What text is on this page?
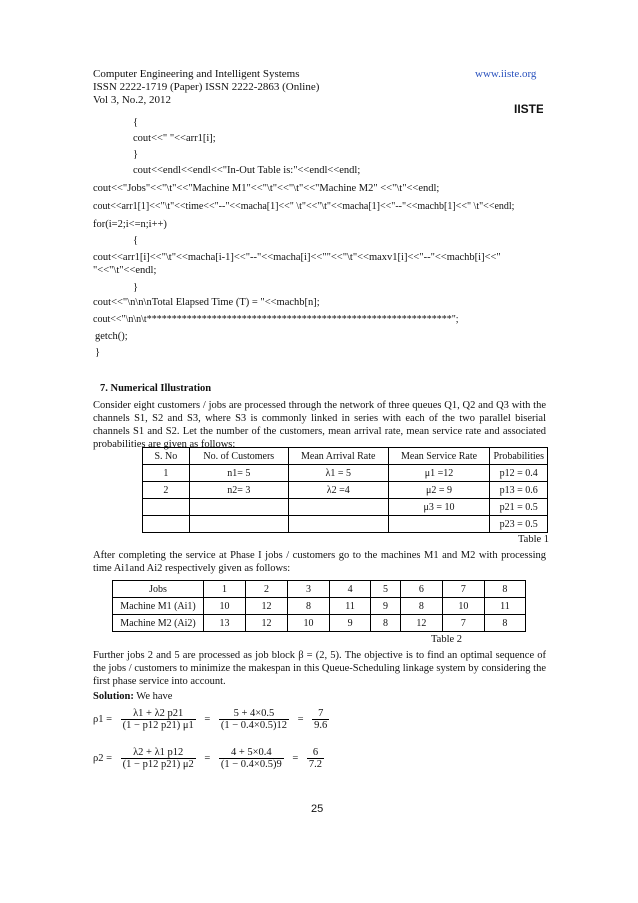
Computer Engineering and Intelligent Systems
ISSN 2222-1719 (Paper) ISSN 2222-2863 (Online)
Vol 3, No.2, 2012
www.iiste.org
IISTE
{
cout<<" "<<arr1[i];
}
cout<<endl<<endl<<"In-Out Table is:"<<endl<<endl;
cout<<"Jobs"<<"\t"<<"Machine M1"<<"\t"<<"\t"<<"Machine M2" <<"\t"<<endl;
cout<<arr1[1]<<"\t"<<time<<"--"<<macha[1]<<" \t"<<"\t"<<macha[1]<<"--"<<machb[1]<<" \t"<<endl;
for(i=2;i<=n;i++)
{
cout<<arr1[i]<<"\t"<<macha[i-1]<<"--"<<macha[i]<<""<<"\t"<<maxv1[i]<<"--"<<machb[i]<<"
"<<"\t"<<endl;
}
cout<<"\n\n\nTotal Elapsed Time (T) = "<<machb[n];
cout<<"\n\n\t*************************************************************";
getch();
}
7. Numerical Illustration
Consider eight customers / jobs are processed through the network of three queues Q1, Q2 and Q3 with the channels S1, S2 and S3, where S3 is commonly linked in series with each of the two parallel biserial channels S1 and S2. Let the number of the customers, mean arrival rate, mean service rate and associated probabilities are given as follows:
S. No	No. of Customers	Mean Arrival Rate	Mean Service Rate	Probabilities
1	n1= 5	λ1 = 5	μ1 =12	p12 = 0.4
2	n2= 3	λ2 =4	μ2 = 9	p13 = 0.6
			μ3 = 10	p21 = 0.5
				p23 = 0.5
Table 1
After completing the service at Phase I jobs / customers go to the machines M1 and M2 with processing time Ai1and Ai2 respectively given as follows:
Jobs	1	2	3	4	5	6	7	8
Machine M1 (Ai1)	10	12	8	11	9	8	10	11
Machine M2 (Ai2)	13	12	10	9	8	12	7	8
Table 2
Further jobs 2 and 5 are processed as job block β = (2, 5). The objective is to find an optimal sequence of the jobs / customers to minimize the makespan in this Queue-Scheduling linkage system by considering the first phase service into account.
Solution: We have
$\rho 1 = \frac{\lambda 1 + \lambda 2 p21}{(1 - p12 p21) \mu 1} = \frac{5 + 4\times 0.5}{(1 - 0.4\times 0.5)12} = \frac{7}{9.6}$
$\rho 2 = \frac{\lambda 2 + \lambda 1 p12}{(1 - p12 p21) \mu 2} = \frac{4 + 5\times 0.4}{(1 - 0.4\times 0.5)9} = \frac{6}{7.2}$
25
